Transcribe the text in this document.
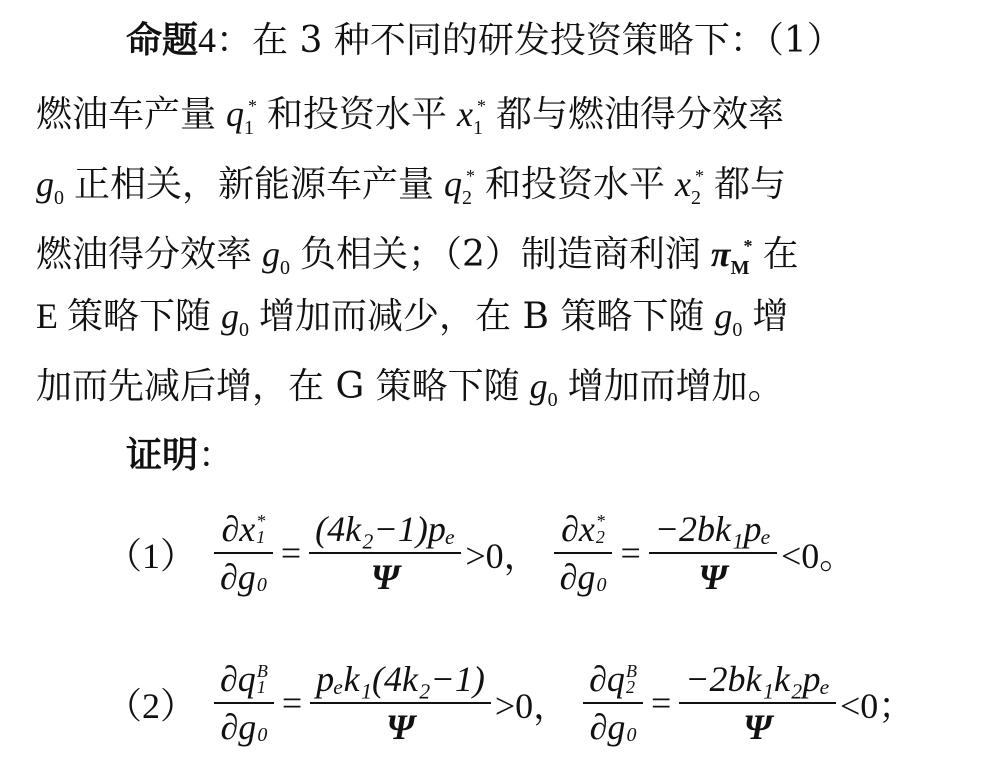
命题4：在 3 种不同的研发投资策略下：（1）
燃油车产量 $q_1^*$ 和投资水平 $x_1^*$ 都与燃油得分效率
$g_0$ 正相关，新能源车产量 $q_2^*$ 和投资水平 $x_2^*$ 都与
燃油得分效率 $g_0$ 负相关；（2）制造商利润 $\pi_M^*$ 在
E 策略下随 $g_0$ 增加而减少，在 B 策略下随 $g_0$ 增
加而先减后增，在 G 策略下随 $g_0$ 增加而增加。
证明：
（1） ∂x *
1
∂g $0 = \frac{\text{(4k₂−1)pₑ}}{\Psi} >0$， ∂x *
2
∂g $0 = \frac{\text{−2bk₁pₑ}}{\Psi} <0$。
（2） ∂q B
1
∂g $0 = \frac{\text{pₑk₁(4k₂−1)}}{\Psi} >0$， ∂q B
2
∂g $0 = \frac{\text{−2bk₁k₂pₑ}}{\Psi} <0$；
